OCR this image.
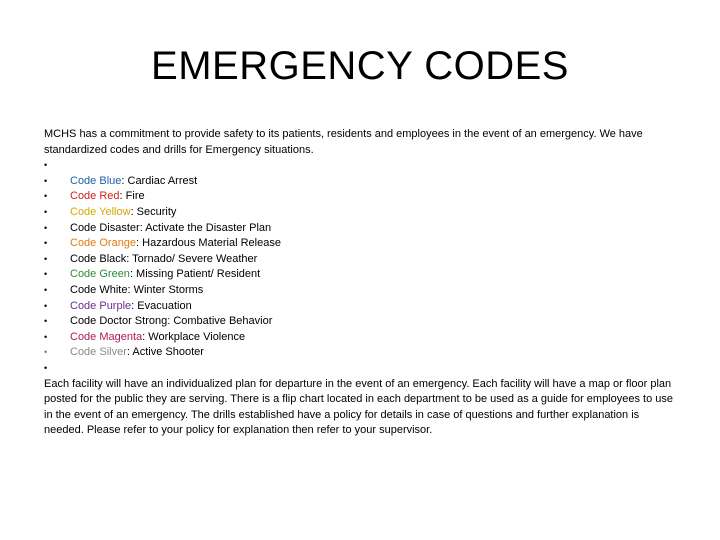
EMERGENCY CODES

MCHS has a commitment to provide safety to its patients, residents and employees in the event of an emergency. We have standardized codes and drills for Emergency situations.

•
• Code Blue: Cardiac Arrest
• Code Red: Fire
• Code Yellow: Security
• Code Disaster: Activate the Disaster Plan
• Code Orange: Hazardous Material Release
• Code Black: Tornado/ Severe Weather
• Code Green: Missing Patient/ Resident
• Code White: Winter Storms
• Code Purple: Evacuation
• Code Doctor Strong: Combative Behavior
• Code Magenta: Workplace Violence
• Code Silver: Active Shooter
•

Each facility will have an individualized plan for departure in the event of an emergency. Each facility will have a map or floor plan posted for the public they are serving. There is a flip chart located in each department to be used as a guide for employees to use in the event of an emergency. The drills established have a policy for details in case of questions and further explanation is needed. Please refer to your policy for explanation then refer to your supervisor.
